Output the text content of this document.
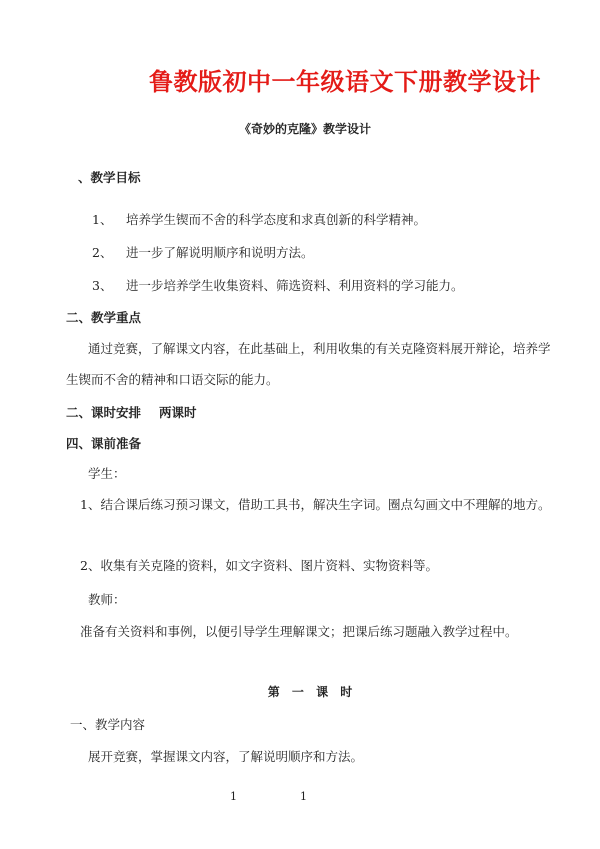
鲁教版初中一年级语文下册教学设计
《奇妙的克隆》教学设计
、教学目标
1、 培养学生锲而不舍的科学态度和求真创新的科学精神。
2、 进一步了解说明顺序和说明方法。
3、 进一步培养学生收集资料、筛选资料、利用资料的学习能力。
二、教学重点
通过竞赛，了解课文内容，在此基础上，利用收集的有关克隆资料展开辩论，培养学
生锲而不舍的精神和口语交际的能力。
二、课时安排 两课时
四、课前准备
学生：
1、结合课后练习预习课文，借助工具书，解决生字词。圈点勾画文中不理解的地方。
2、收集有关克隆的资料，如文字资料、图片资料、实物资料等。
教师：
准备有关资料和事例，以便引导学生理解课文；把课后练习题融入教学过程中。
第 一 课 时
一、教学内容
展开竞赛，掌握课文内容，了解说明顺序和方法。
1	1
